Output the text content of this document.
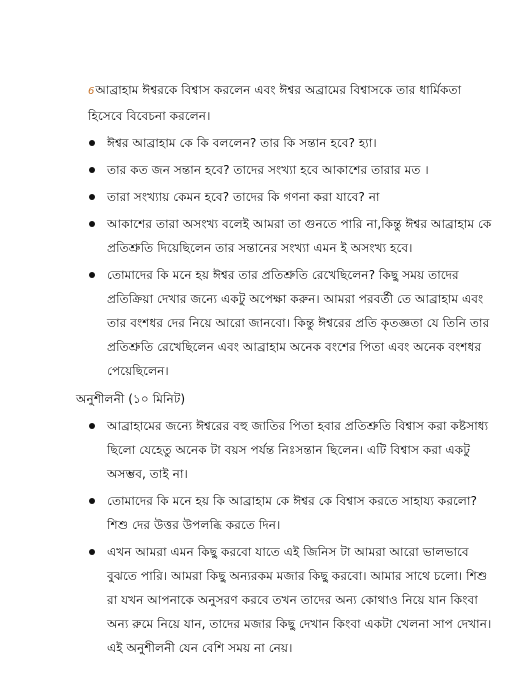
6আব্রাহাম ঈশ্বরকে বিশ্বাস করলেন এবং ঈশ্বর অব্রামের বিশ্বাসকে তার ধার্মিকতা হিসেবে বিবেচনা করলেন।

ঈশ্বর আব্রাহাম কে কি বললেন? তার কি সন্তান হবে? হ্যা।
তার কত জন সন্তান হবে? তাদের সংখ্যা হবে আকাশের তারার মত ।
তারা সংখ্যায় কেমন হবে? তাদের কি গণনা করা যাবে? না
আকাশের তারা অসংখ্য বলেই আমরা তা গুনতে পারি না,কিন্তু ঈশ্বর আব্রাহাম কে প্রতিশ্রুতি দিয়েছিলেন তার সন্তানের সংখ্যা এমন ই অসংখ্য হবে।
তোমাদের কি মনে হয় ঈশ্বর তার প্রতিশ্রুতি রেখেছিলেন? কিছু সময় তাদের প্রতিক্রিয়া দেখার জন্যে একটু অপেক্ষা করুন। আমরা পরবর্তী তে আব্রাহাম এবং তার বংশধর দের নিয়ে আরো জানবো। কিন্তু ঈশ্বরের প্রতি কৃতজ্ঞতা যে তিনি তার প্রতিশ্রুতি রেখেছিলেন এবং আব্রাহাম অনেক বংশের পিতা এবং অনেক বংশধর পেয়েছিলেন।

অনুশীলনী (১০ মিনিট)

আব্রাহামের জন্যে ঈশ্বরের বহু জাতির পিতা হবার প্রতিশ্রুতি বিশ্বাস করা কষ্টসাধ্য ছিলো যেহেতু অনেক টা বয়স পর্যন্ত নিঃসন্তান ছিলেন। এটি বিশ্বাস করা একটু অসম্ভব, তাই না।
তোমাদের কি মনে হয় কি আব্রাহাম কে ঈশ্বর কে বিশ্বাস করতে সাহায্য করলো? শিশু দের উত্তর উপলব্ধি করতে দিন।
এখন আমরা এমন কিছু করবো যাতে এই জিনিস টা আমরা আরো ভালভাবে বুঝতে পারি। আমরা কিছু অন্যরকম মজার কিছু করবো। আমার সাথে চলো। শিশু রা যখন আপনাকে অনুসরণ করবে তখন তাদের অন্য কোথাও নিয়ে যান কিংবা অন্য রুমে নিয়ে যান, তাদের মজার কিছু দেখান কিংবা একটা খেলনা সাপ দেখান। এই অনুশীলনী যেন বেশি সময় না নেয়।
